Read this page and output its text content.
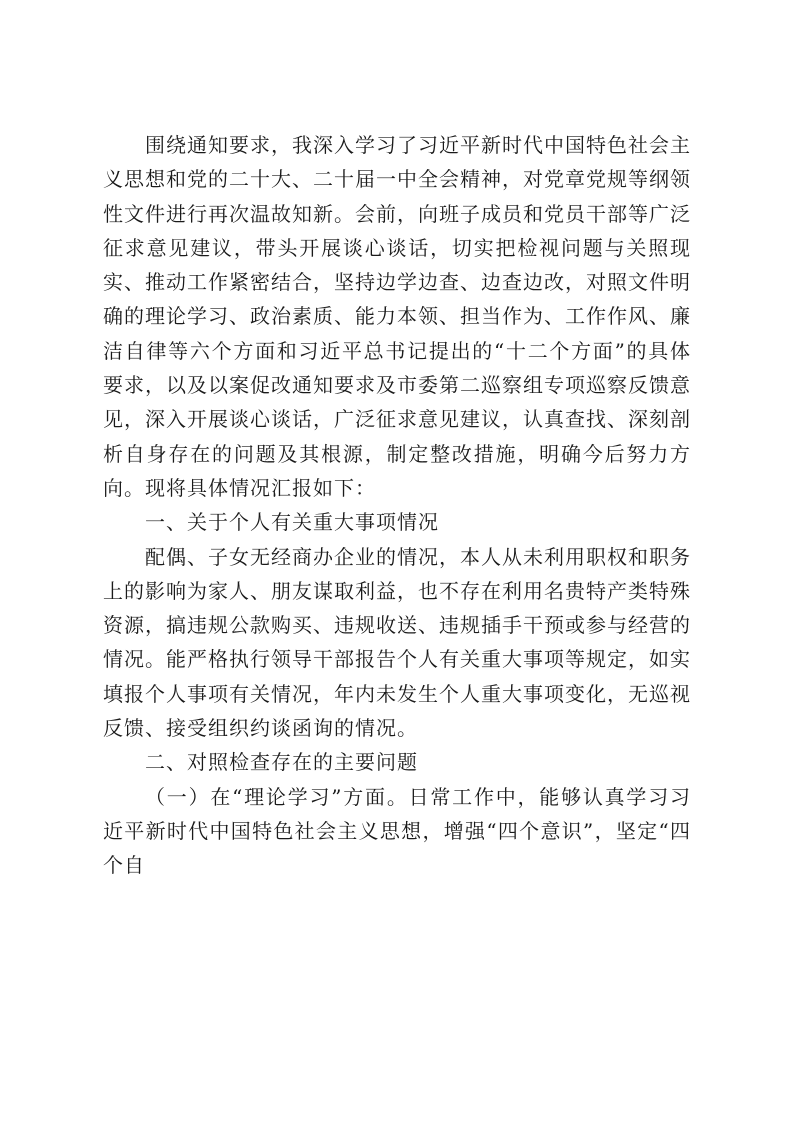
围绕通知要求，我深入学习了习近平新时代中国特色社会主义思想和党的二十大、二十届一中全会精神，对党章党规等纲领性文件进行再次温故知新。会前，向班子成员和党员干部等广泛征求意见建议，带头开展谈心谈话，切实把检视问题与关照现实、推动工作紧密结合，坚持边学边查、边查边改，对照文件明确的理论学习、政治素质、能力本领、担当作为、工作作风、廉洁自律等六个方面和习近平总书记提出的“十二个方面”的具体要求，以及以案促改通知要求及市委第二巡察组专项巡察反馈意见，深入开展谈心谈话，广泛征求意见建议，认真查找、深刻剖析自身存在的问题及其根源，制定整改措施，明确今后努力方向。现将具体情况汇报如下：

一、关于个人有关重大事项情况

配偶、子女无经商办企业的情况，本人从未利用职权和职务上的影响为家人、朋友谋取利益，也不存在利用名贵特产类特殊资源，搞违规公款购买、违规收送、违规插手干预或参与经营的情况。能严格执行领导干部报告个人有关重大事项等规定，如实填报个人事项有关情况，年内未发生个人重大事项变化，无巡视反馈、接受组织约谈函询的情况。

二、对照检查存在的主要问题

（一）在“理论学习”方面。日常工作中，能够认真学习习近平新时代中国特色社会主义思想，增强“四个意识”，坚定“四个自
